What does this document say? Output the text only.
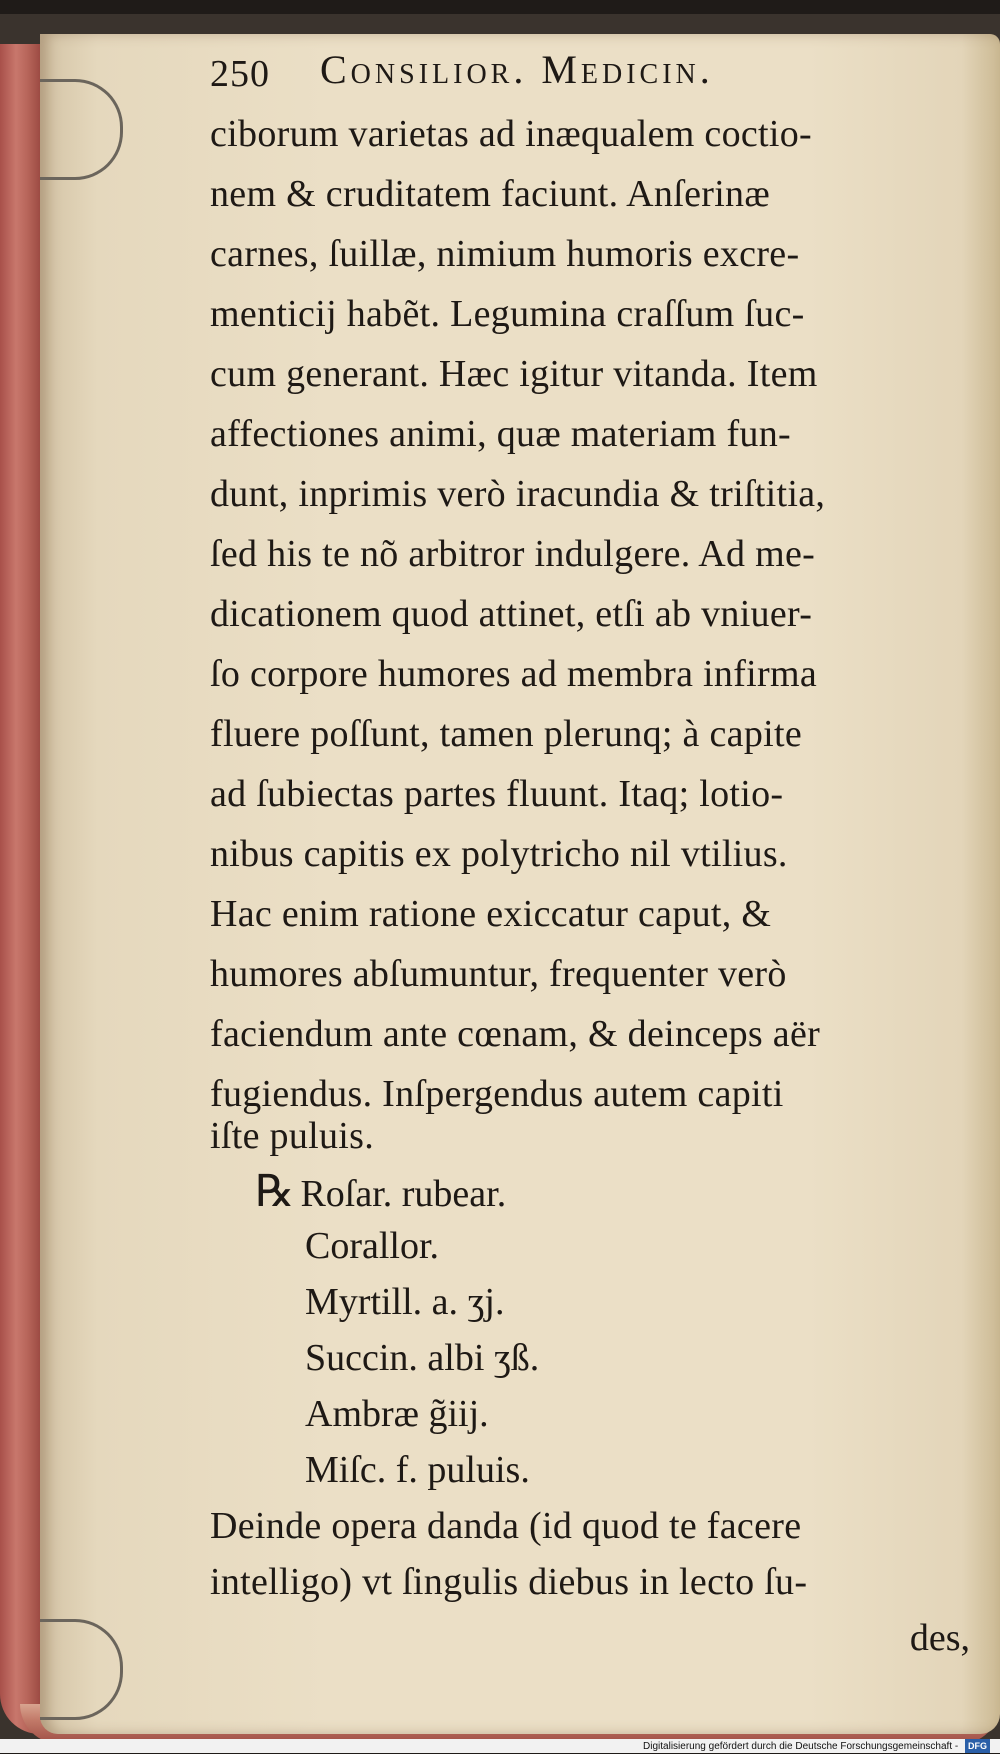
250 Consilior. Medicin.
ciborum varietas ad inæqualem coctio-
nem & cruditatem faciunt. Anſerinæ
carnes, ſuillæ, nimium humoris excre-
menticij habẽt. Legumina craſſum ſuc-
cum generant. Hæc igitur vitanda. Item
affectiones animi, quæ materiam fun-
dunt, inprimis verò iracundia & triſtitia,
ſed his te nõ arbitror indulgere. Ad me-
dicationem quod attinet, etſi ab vniuer-
ſo corpore humores ad membra infirma
fluere poſſunt, tamen plerunq; à capite
ad ſubiectas partes fluunt. Itaq; lotio-
nibus capitis ex polytricho nil vtilius.
Hac enim ratione exiccatur caput, &
humores abſumuntur, frequenter verò
faciendum ante cœnam, & deinceps aër
fugiendus. Inſpergendus autem capiti
iſte puluis.
℞ Roſar. rubear.
Corallor.
Myrtill. a. ʒj.
Succin. albi ʒß.
Ambræ g̃iij.
Miſc. f. puluis.
Deinde opera danda (id quod te facere
intelligo) vt ſingulis diebus in lecto ſu-
des,
Digitalisierung gefördert durch die Deutsche Forschungsgemeinschaft - DFG
